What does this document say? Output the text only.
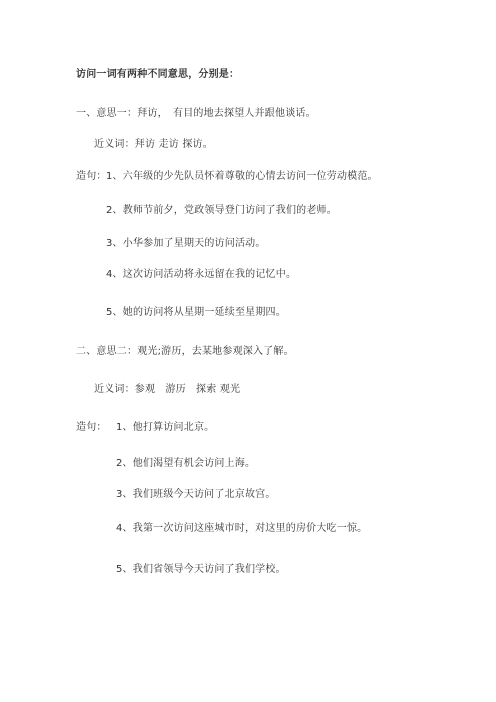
访问一词有两种不同意思，分别是：
一、意思一：拜访，　有目的地去探望人并跟他谈话。
近义词：拜访 走访 探访。
造句： 1、六年级的少先队员怀着尊敬的心情去访问一位劳动模范。
2、教师节前夕，党政领导登门访问了我们的老师。
3、小华参加了星期天的访问活动。
4、这次访问活动将永远留在我的记忆中。
5、她的访问将从星期一延续至星期四。
二、意思二：观光;游历，去某地参观深入了解。
近义词：参观　游历　探索 观光
造句： 1、他打算访问北京。
2、他们渴望有机会访问上海。
3、我们班级今天访问了北京故宫。
4、我第一次访问这座城市时，对这里的房价大吃一惊。
5、我们省领导今天访问了我们学校。
